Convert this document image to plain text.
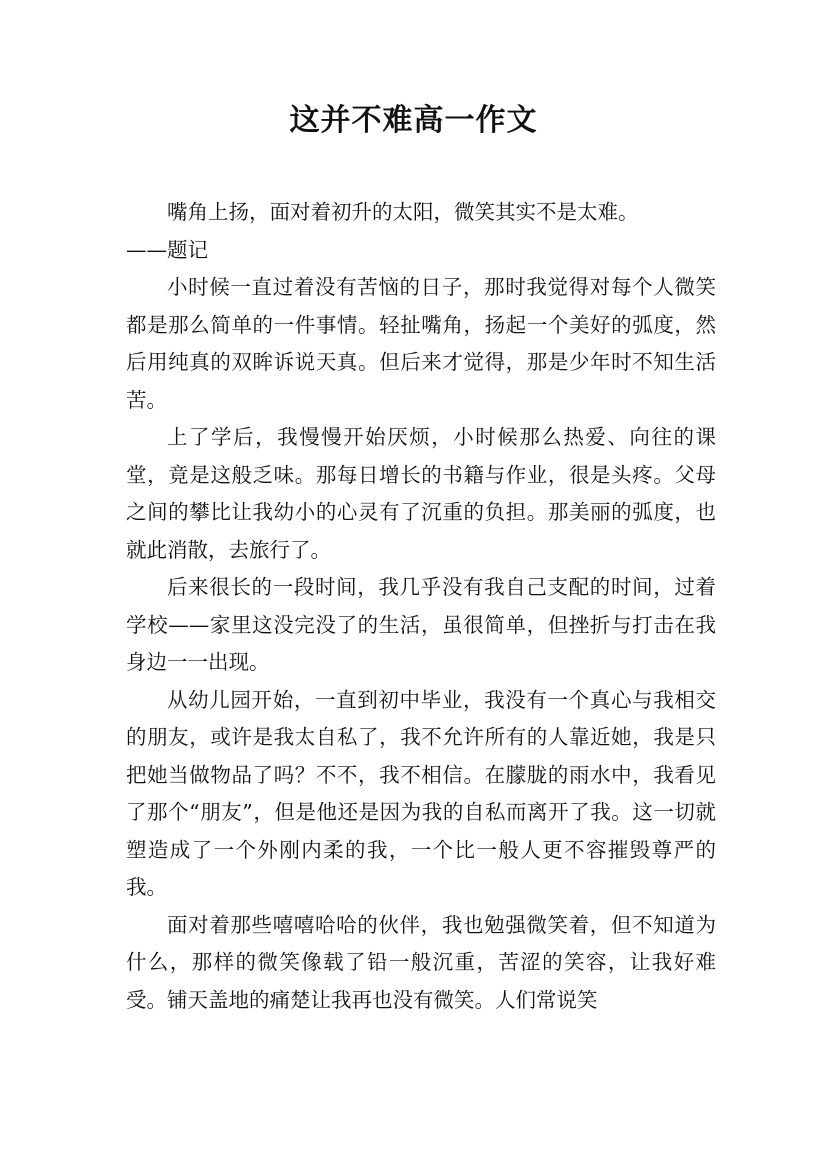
这并不难高一作文

嘴角上扬，面对着初升的太阳，微笑其实不是太难。

——题记

小时候一直过着没有苦恼的日子，那时我觉得对每个人微笑都是那么简单的一件事情。轻扯嘴角，扬起一个美好的弧度，然后用纯真的双眸诉说天真。但后来才觉得，那是少年时不知生活苦。

上了学后，我慢慢开始厌烦，小时候那么热爱、向往的课堂，竟是这般乏味。那每日增长的书籍与作业，很是头疼。父母之间的攀比让我幼小的心灵有了沉重的负担。那美丽的弧度，也就此消散，去旅行了。

后来很长的一段时间，我几乎没有我自己支配的时间，过着学校——家里这没完没了的生活，虽很简单，但挫折与打击在我身边一一出现。

从幼儿园开始，一直到初中毕业，我没有一个真心与我相交的朋友，或许是我太自私了，我不允许所有的人靠近她，我是只把她当做物品了吗？不不，我不相信。在朦胧的雨水中，我看见了那个“朋友”，但是他还是因为我的自私而离开了我。这一切就塑造成了一个外刚内柔的我，一个比一般人更不容摧毁尊严的我。

面对着那些嘻嘻哈哈的伙伴，我也勉强微笑着，但不知道为什么，那样的微笑像载了铅一般沉重，苦涩的笑容，让我好难受。铺天盖地的痛楚让我再也没有微笑。人们常说笑
